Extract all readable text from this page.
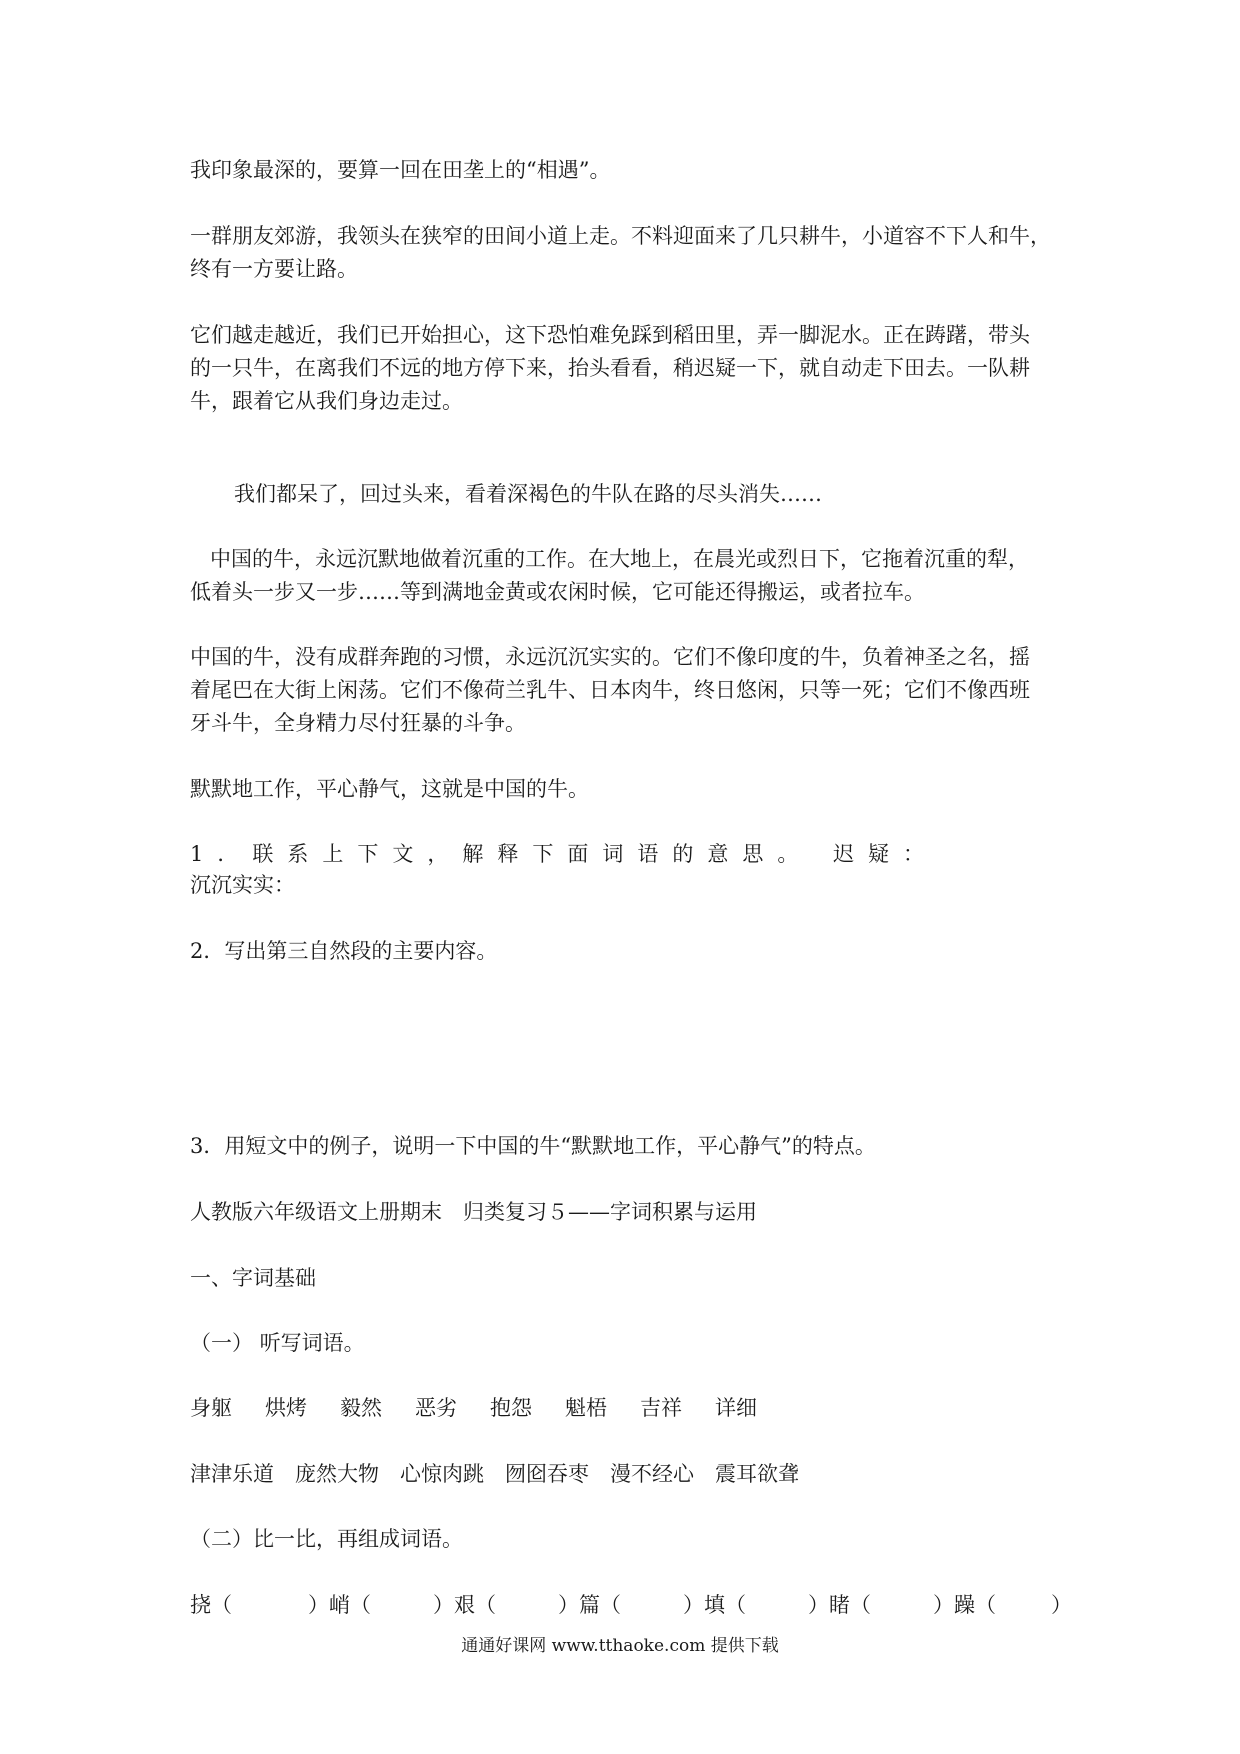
我印象最深的，要算一回在田垄上的“相遇”。
一群朋友郊游，我领头在狭窄的田间小道上走。不料迎面来了几只耕牛，小道容不下人和牛，
终有一方要让路。
它们越走越近，我们已开始担心，这下恐怕难免踩到稻田里，弄一脚泥水。正在踌躇，带头
的一只牛，在离我们不远的地方停下来，抬头看看，稍迟疑一下，就自动走下田去。一队耕
牛，跟着它从我们身边走过。
我们都呆了，回过头来，看着深褐色的牛队在路的尽头消失……
中国的牛，永远沉默地做着沉重的工作。在大地上，在晨光或烈日下，它拖着沉重的犁，
低着头一步又一步……等到满地金黄或农闲时候，它可能还得搬运，或者拉车。
中国的牛，没有成群奔跑的习惯，永远沉沉实实的。它们不像印度的牛，负着神圣之名，摇
着尾巴在大街上闲荡。它们不像荷兰乳牛、日本肉牛，终日悠闲，只等一死；它们不像西班
牙斗牛，全身精力尽付狂暴的斗争。
默默地工作，平心静气，这就是中国的牛。
1．联系上下文，解释下面词语的意思。 迟疑：
沉沉实实：
2．写出第三自然段的主要内容。
3．用短文中的例子，说明一下中国的牛“默默地工作，平心静气”的特点。
人教版六年级语文上册期末　归类复习５——字词积累与运用
一、字词基础
（一） 听写词语。
身躯 烘烤 毅然 恶劣 抱怨 魁梧 吉祥 详细
津津乐道 庞然大物 心惊肉跳 囫囵吞枣 漫不经心 震耳欲聋
（二）比一比，再组成词语。
挠（	）峭（	）艰（	）篇（	）填（	）睹（	）躁（	）
通通好课网 www.tthaoke.com 提供下载
